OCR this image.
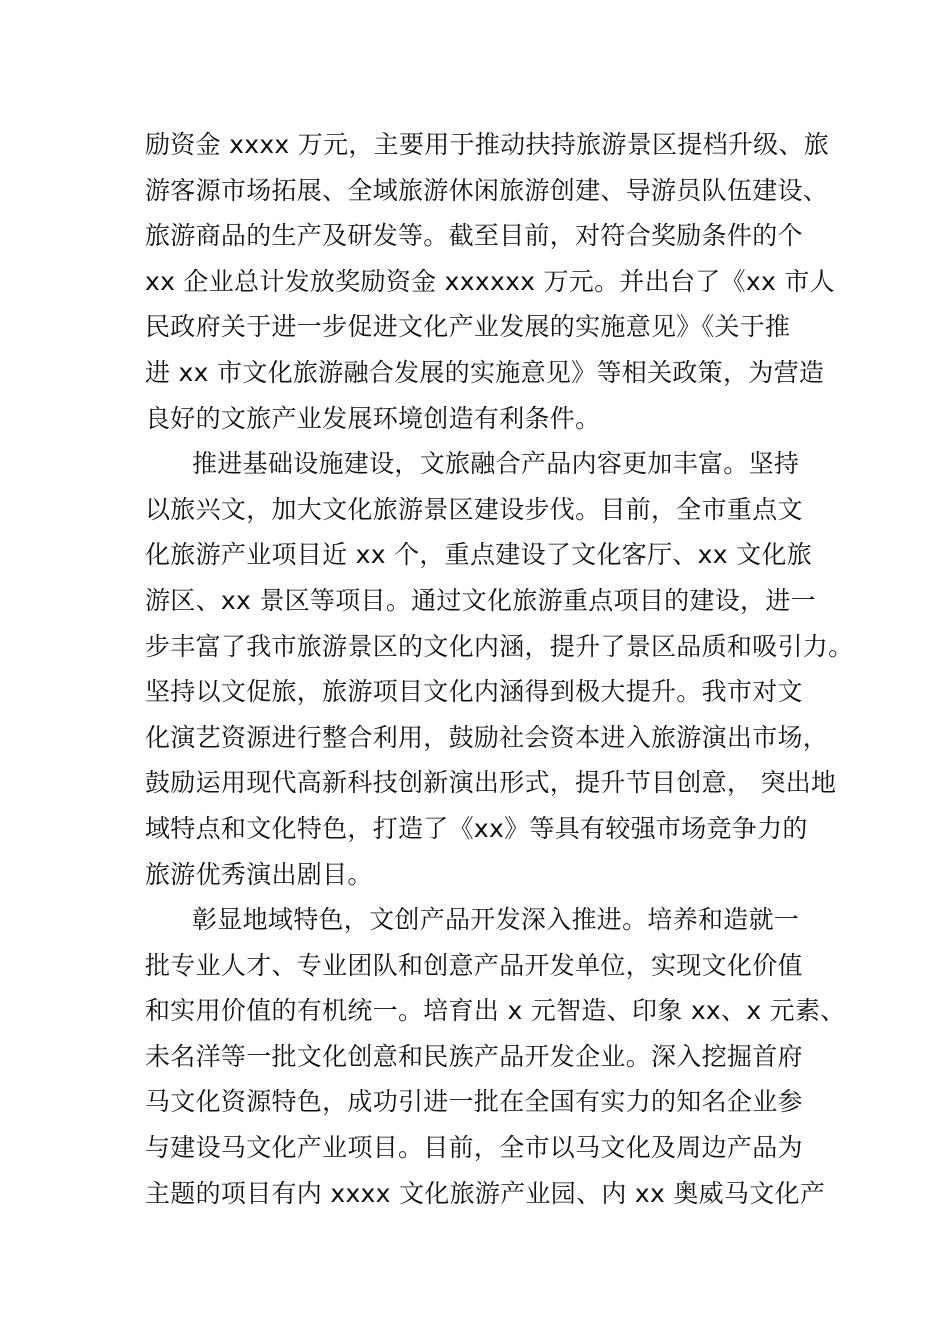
励资金 xxxx 万元，主要用于推动扶持旅游景区提档升级、旅
游客源市场拓展、全域旅游休闲旅游创建、导游员队伍建设、
旅游商品的生产及研发等。截至目前，对符合奖励条件的个
xx 企业总计发放奖励资金 xxxxxx 万元。并出台了《xx 市人
民政府关于进一步促进文化产业发展的实施意见》《关于推
进 xx 市文化旅游融合发展的实施意见》等相关政策，为营造
良好的文旅产业发展环境创造有利条件。
推进基础设施建设，文旅融合产品内容更加丰富。坚持
以旅兴文，加大文化旅游景区建设步伐。目前，全市重点文
化旅游产业项目近 xx 个，重点建设了文化客厅、xx 文化旅
游区、xx 景区等项目。通过文化旅游重点项目的建设，进一
步丰富了我市旅游景区的文化内涵，提升了景区品质和吸引力。
坚持以文促旅，旅游项目文化内涵得到极大提升。我市对文
化演艺资源进行整合利用，鼓励社会资本进入旅游演出市场，
鼓励运用现代高新科技创新演出形式，提升节目创意， 突出地
域特点和文化特色，打造了《xx》等具有较强市场竞争力的
旅游优秀演出剧目。
彰显地域特色，文创产品开发深入推进。培养和造就一
批专业人才、专业团队和创意产品开发单位，实现文化价值
和实用价值的有机统一。培育出 x 元智造、印象 xx、x 元素、
未名洋等一批文化创意和民族产品开发企业。深入挖掘首府
马文化资源特色，成功引进一批在全国有实力的知名企业参
与建设马文化产业项目。目前，全市以马文化及周边产品为
主题的项目有内 xxxx 文化旅游产业园、内 xx 奥威马文化产
